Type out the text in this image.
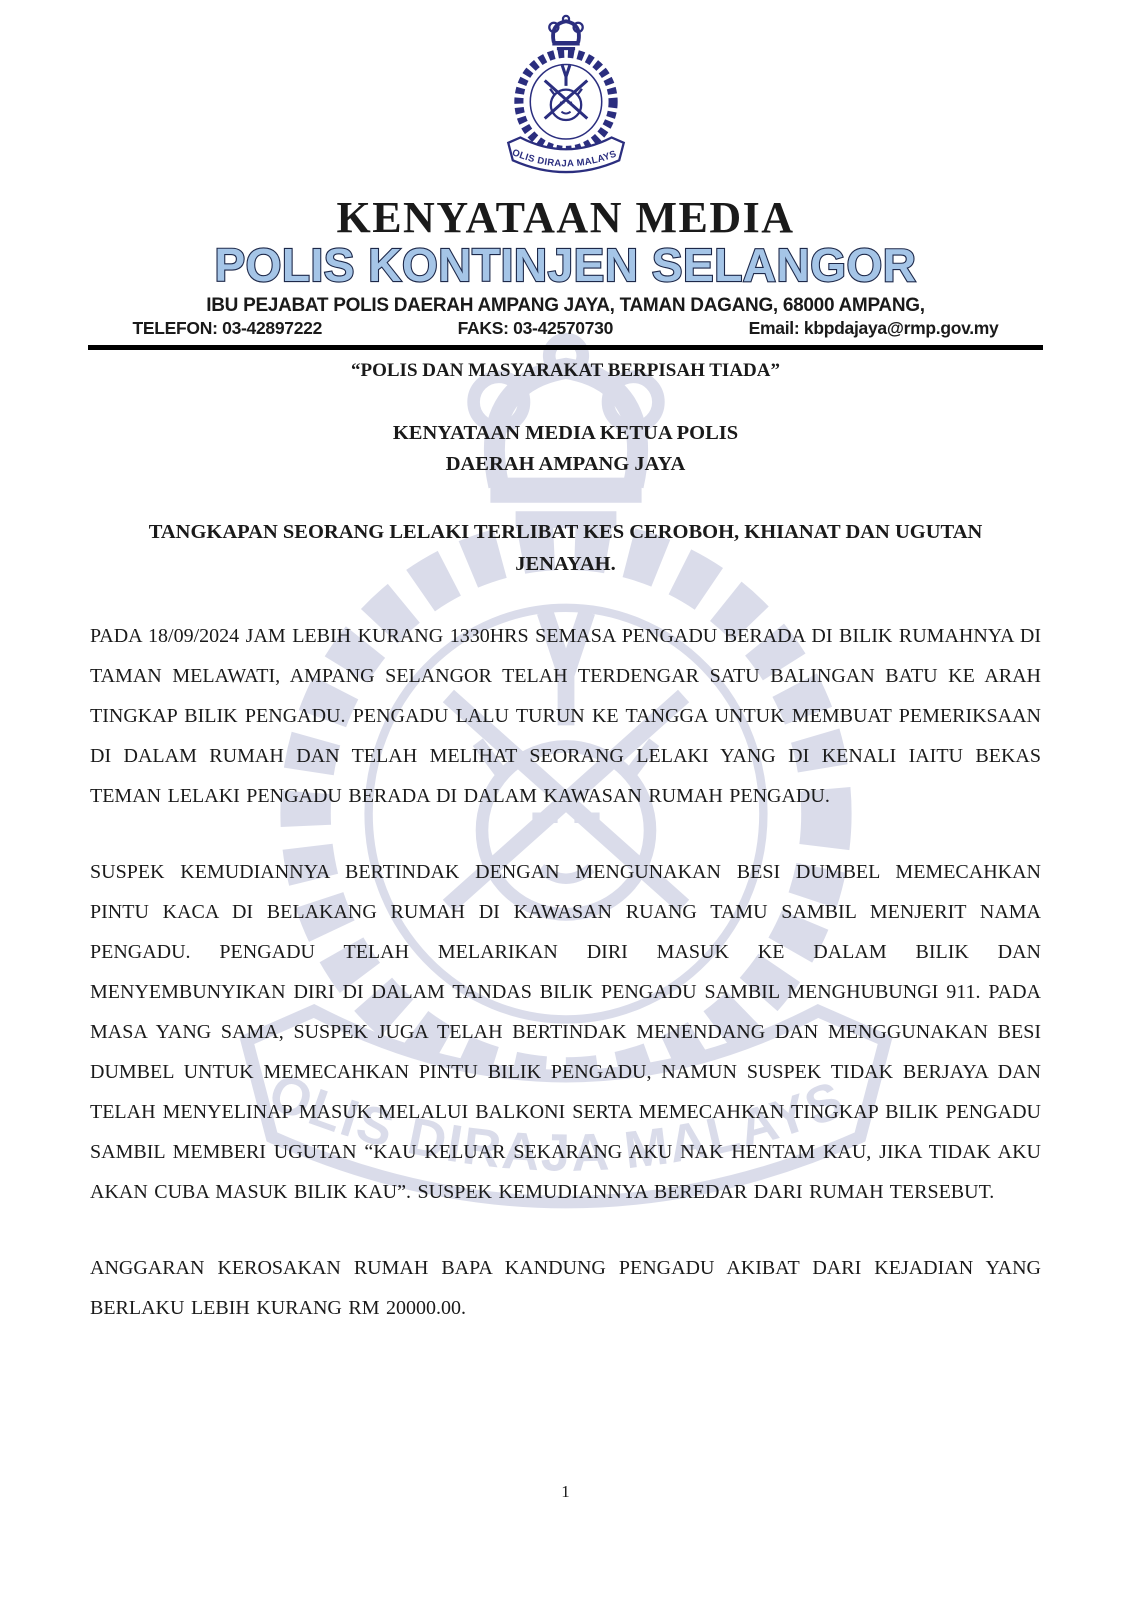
KENYATAAN MEDIA
POLIS KONTINJEN SELANGOR
IBU PEJABAT POLIS DAERAH AMPANG JAYA, TAMAN DAGANG, 68000 AMPANG,
TELEFON: 03-42897222	FAKS: 03-42570730	Email: kbpdajaya@rmp.gov.my
“POLIS DAN MASYARAKAT BERPISAH TIADA”
KENYATAAN MEDIA KETUA POLIS
DAERAH AMPANG JAYA
TANGKAPAN SEORANG LELAKI TERLIBAT KES CEROBOH, KHIANAT DAN UGUTAN JENAYAH.

PADA 18/09/2024 JAM LEBIH KURANG 1330HRS SEMASA PENGADU BERADA DI BILIK RUMAHNYA DI TAMAN MELAWATI, AMPANG SELANGOR TELAH TERDENGAR SATU BALINGAN BATU KE ARAH TINGKAP BILIK PENGADU. PENGADU LALU TURUN KE TANGGA UNTUK MEMBUAT PEMERIKSAAN DI DALAM RUMAH DAN TELAH MELIHAT SEORANG LELAKI YANG DI KENALI IAITU BEKAS TEMAN LELAKI PENGADU BERADA DI DALAM KAWASAN RUMAH PENGADU.

SUSPEK KEMUDIANNYA BERTINDAK DENGAN MENGUNAKAN BESI DUMBEL MEMECAHKAN PINTU KACA DI BELAKANG RUMAH DI KAWASAN RUANG TAMU SAMBIL MENJERIT NAMA PENGADU. PENGADU TELAH MELARIKAN DIRI MASUK KE DALAM BILIK DAN MENYEMBUNYIKAN DIRI DI DALAM TANDAS BILIK PENGADU SAMBIL MENGHUBUNGI 911. PADA MASA YANG SAMA, SUSPEK JUGA TELAH BERTINDAK MENENDANG DAN MENGGUNAKAN BESI DUMBEL UNTUK MEMECAHKAN PINTU BILIK PENGADU, NAMUN SUSPEK TIDAK BERJAYA DAN TELAH MENYELINAP MASUK MELALUI BALKONI SERTA MEMECAHKAN TINGKAP BILIK PENGADU SAMBIL MEMBERI UGUTAN “KAU KELUAR SEKARANG AKU NAK HENTAM KAU, JIKA TIDAK AKU AKAN CUBA MASUK BILIK KAU”. SUSPEK KEMUDIANNYA BEREDAR DARI RUMAH TERSEBUT.

ANGGARAN KEROSAKAN RUMAH BAPA KANDUNG PENGADU AKIBAT DARI KEJADIAN YANG BERLAKU LEBIH KURANG RM 20000.00.

1
